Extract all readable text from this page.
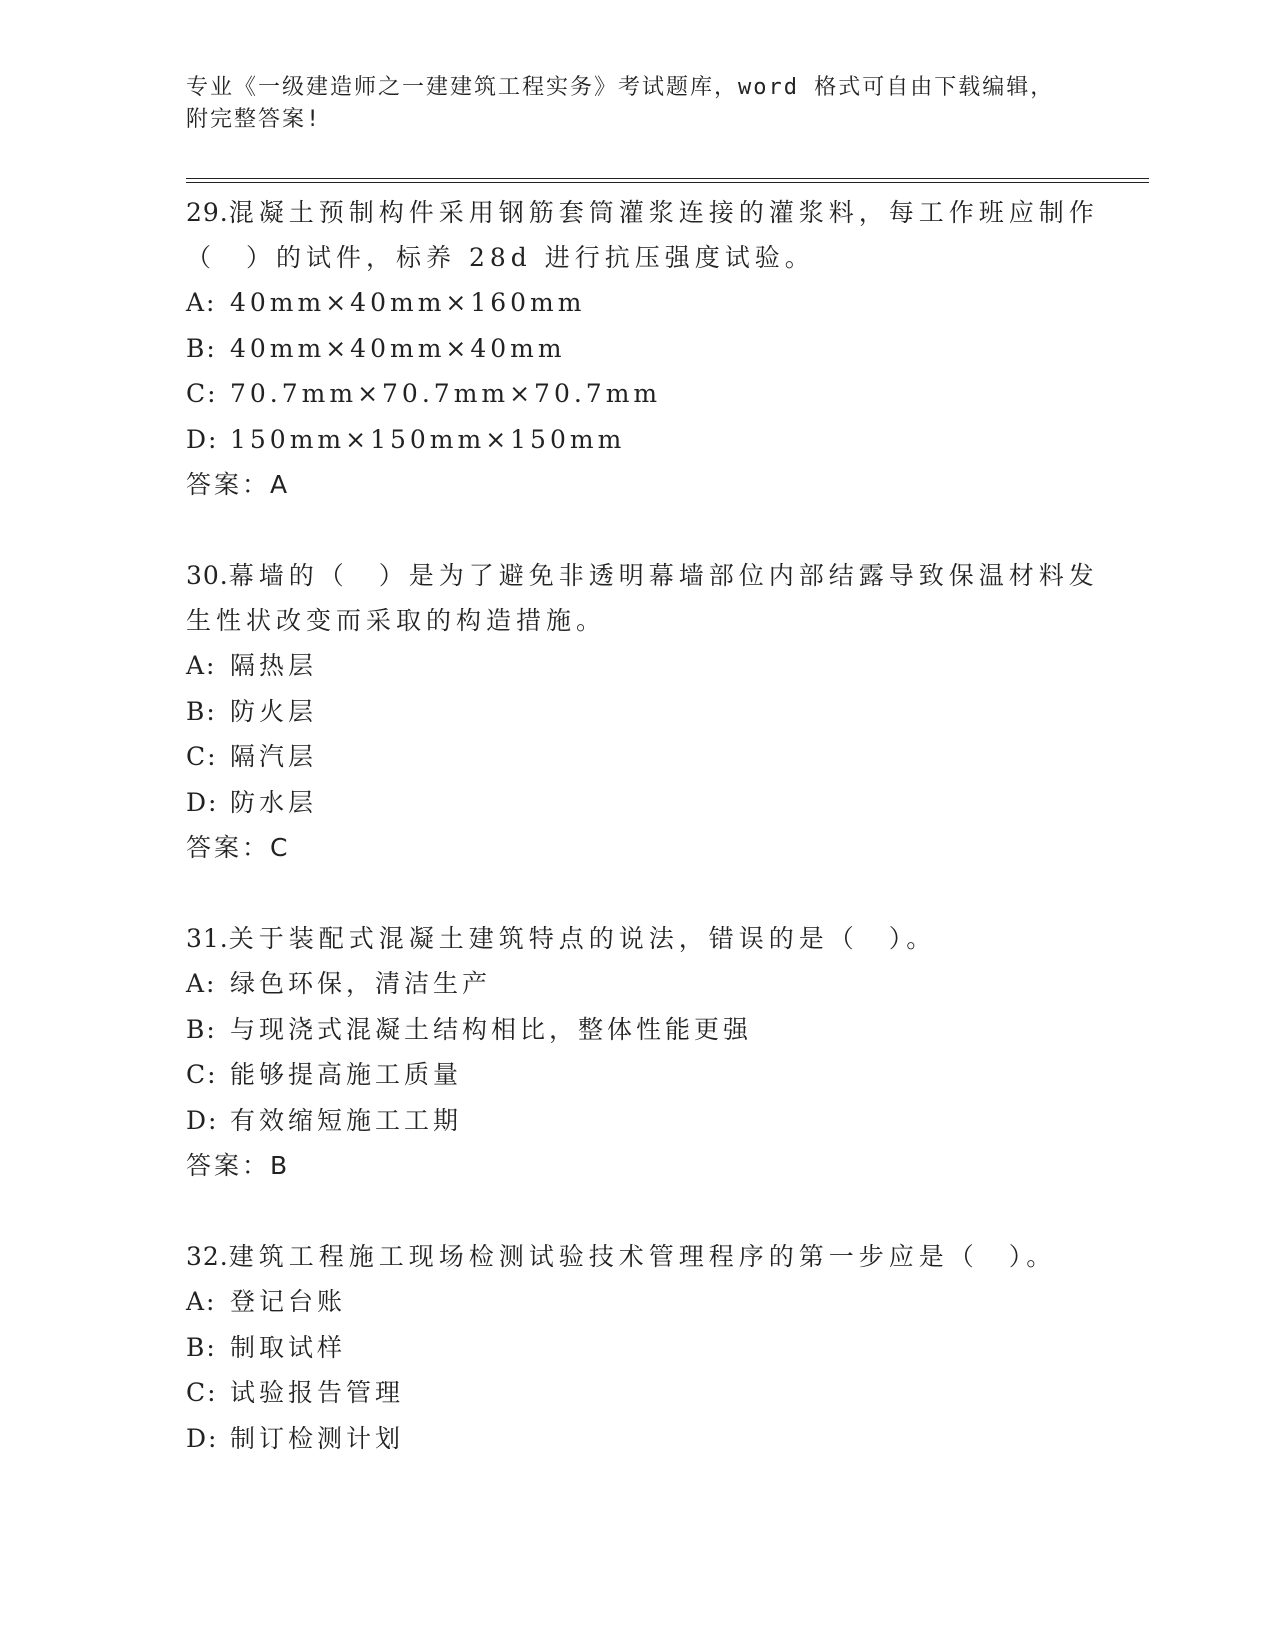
专业《一级建造师之一建建筑工程实务》考试题库，word 格式可自由下载编辑，
附完整答案!
29.混凝土预制构件采用钢筋套筒灌浆连接的灌浆料，每工作班应制作
（　）的试件，标养 28d 进行抗压强度试验。
A: 40mm×40mm×160mm
B: 40mm×40mm×40mm
C: 70.7mm×70.7mm×70.7mm
D: 150mm×150mm×150mm
答案：A
30.幕墙的（　）是为了避免非透明幕墙部位内部结露导致保温材料发
生性状改变而采取的构造措施。
A: 隔热层
B: 防火层
C: 隔汽层
D: 防水层
答案：C
31.关于装配式混凝土建筑特点的说法，错误的是（　）。
A: 绿色环保，清洁生产
B: 与现浇式混凝土结构相比，整体性能更强
C: 能够提高施工质量
D: 有效缩短施工工期
答案：B
32.建筑工程施工现场检测试验技术管理程序的第一步应是（　）。
A: 登记台账
B: 制取试样
C: 试验报告管理
D: 制订检测计划
